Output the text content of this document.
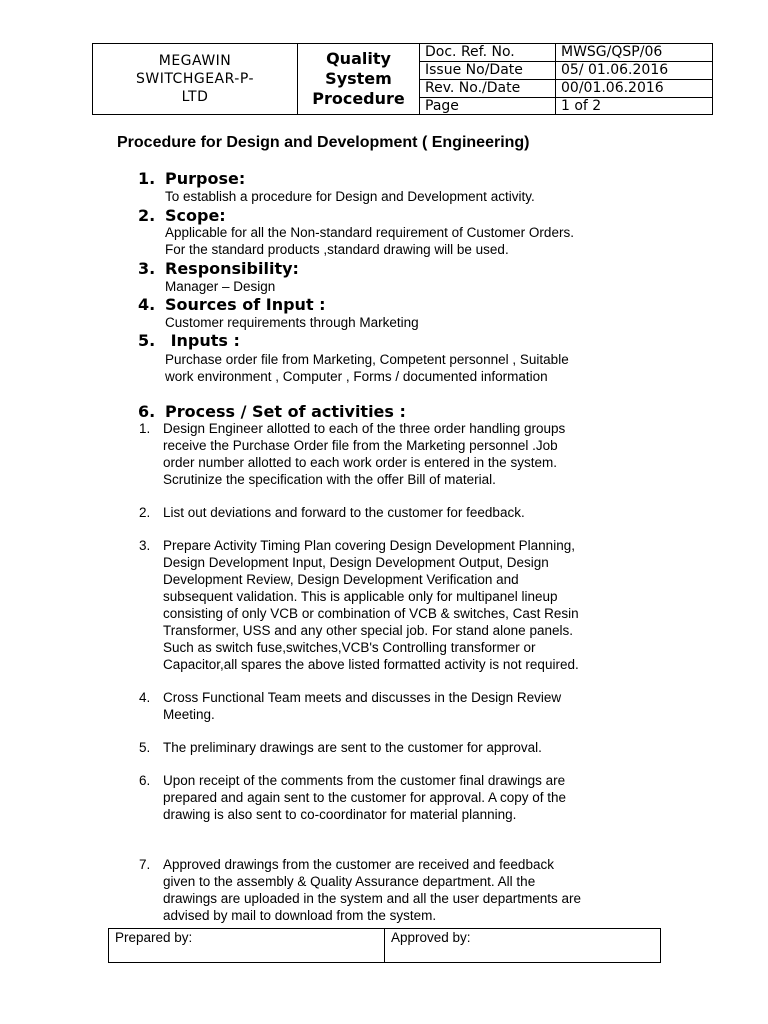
MEGAWIN
SWITCHGEAR-P-
LTD
Quality
System
Procedure
Doc. Ref. No.	MWSG/QSP/06
Issue No/Date	05/ 01.06.2016
Rev. No./Date	00/01.06.2016
Page	1 of 2
Procedure for Design and Development ( Engineering)
1. Purpose:
To establish a procedure for Design and Development activity.
2. Scope:
Applicable for all the Non-standard requirement of Customer Orders.
For the standard products ,standard drawing will be used.
3. Responsibility:
Manager – Design
4. Sources of Input :
Customer requirements through Marketing
5. Inputs :
Purchase order file from Marketing, Competent personnel , Suitable
work environment , Computer , Forms / documented information
6. Process / Set of activities :
1. Design Engineer allotted to each of the three order handling groups
receive the Purchase Order file from the Marketing personnel .Job
order number allotted to each work order is entered in the system.
Scrutinize the specification with the offer Bill of material.
2. List out deviations and forward to the customer for feedback.
3. Prepare Activity Timing Plan covering Design Development Planning,
Design Development Input, Design Development Output, Design
Development Review, Design Development Verification and
subsequent validation. This is applicable only for multipanel lineup
consisting of only VCB or combination of VCB & switches, Cast Resin
Transformer, USS and any other special job. For stand alone panels.
Such as switch fuse,switches,VCB's Controlling transformer or
Capacitor,all spares the above listed formatted activity is not required.
4. Cross Functional Team meets and discusses in the Design Review
Meeting.
5. The preliminary drawings are sent to the customer for approval.
6. Upon receipt of the comments from the customer final drawings are
prepared and again sent to the customer for approval. A copy of the
drawing is also sent to co-coordinator for material planning.
7. Approved drawings from the customer are received and feedback
given to the assembly & Quality Assurance department. All the
drawings are uploaded in the system and all the user departments are
advised by mail to download from the system.
Prepared by:	Approved by:
